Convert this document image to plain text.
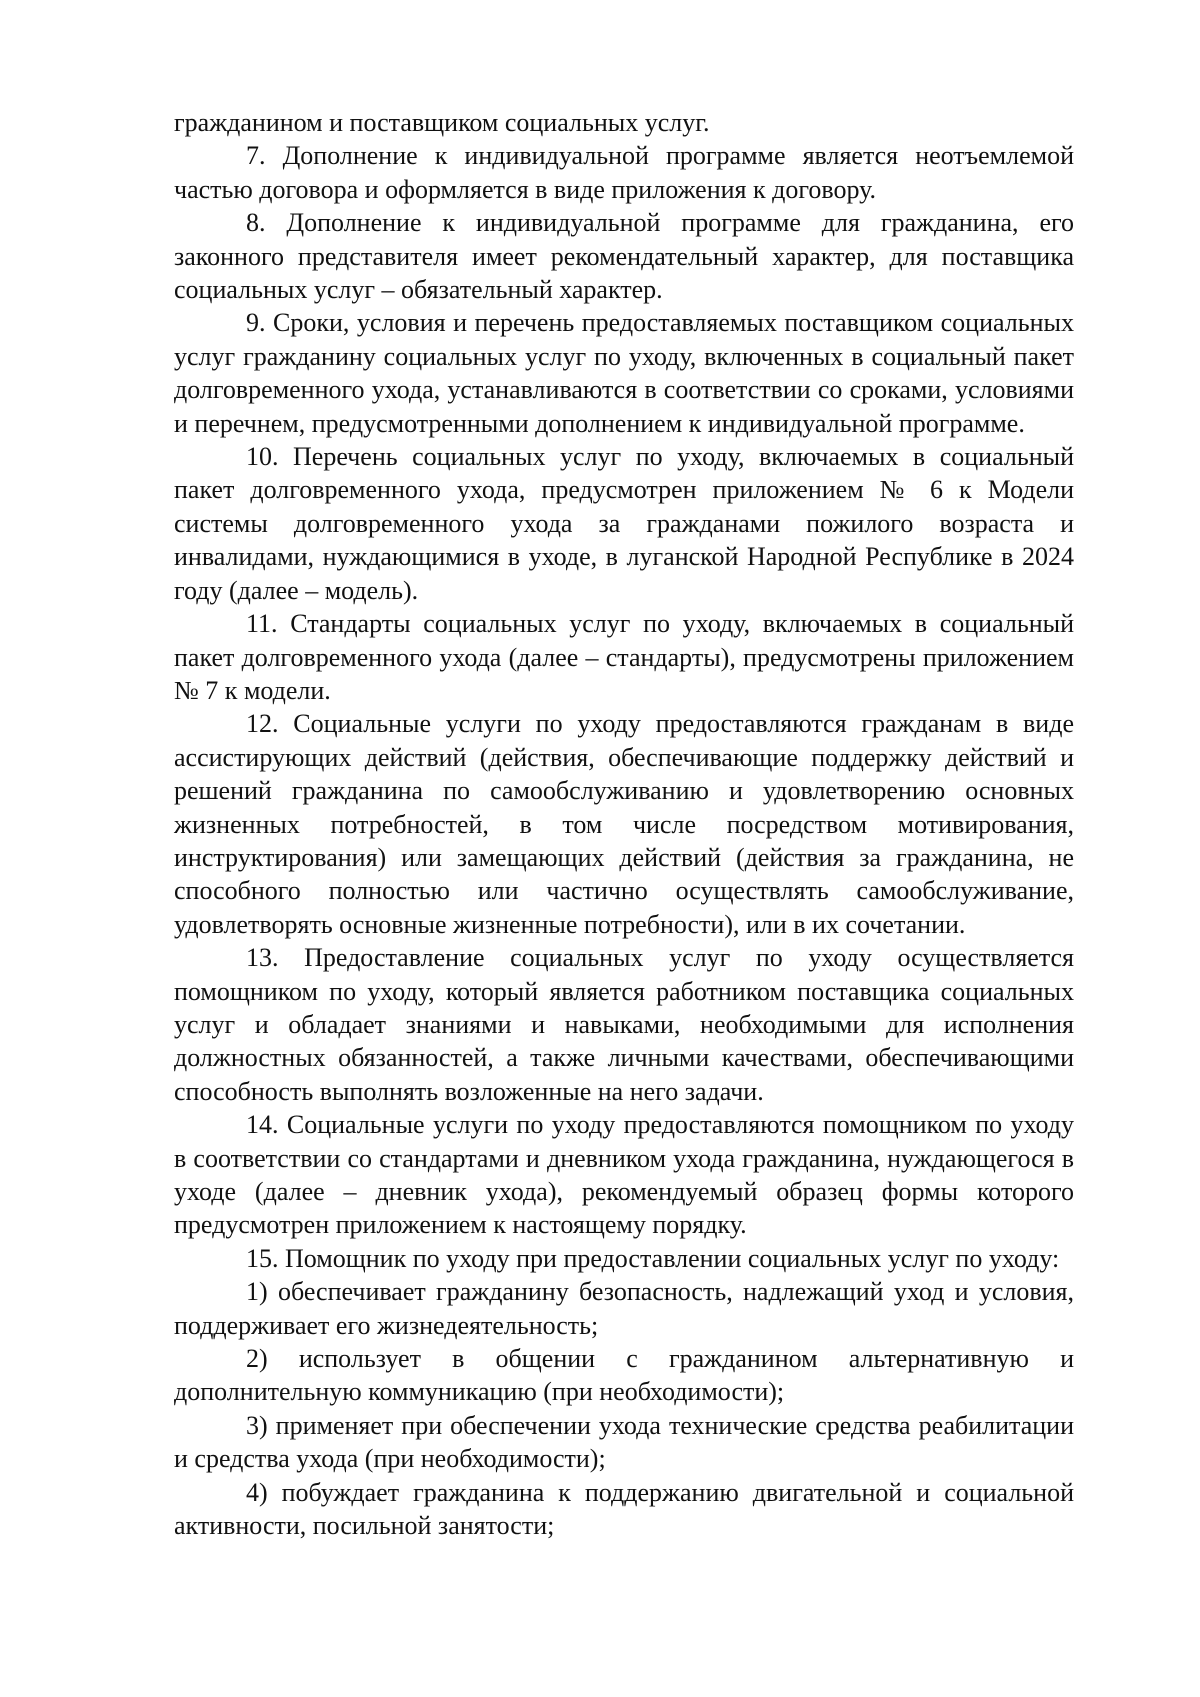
гражданином и поставщиком социальных услуг.

7. Дополнение к индивидуальной программе является неотъемлемой частью договора и оформляется в виде приложения к договору.

8. Дополнение к индивидуальной программе для гражданина, его законного представителя имеет рекомендательный характер, для поставщика социальных услуг – обязательный характер.

9. Сроки, условия и перечень предоставляемых поставщиком социальных услуг гражданину социальных услуг по уходу, включенных в социальный пакет долговременного ухода, устанавливаются в соответствии со сроками, условиями и перечнем, предусмотренными дополнением к индивидуальной программе.

10. Перечень социальных услуг по уходу, включаемых в социальный пакет долговременного ухода, предусмотрен приложением № 6 к Модели системы долговременного ухода за гражданами пожилого возраста и инвалидами, нуждающимися в уходе, в луганской Народной Республике в 2024 году (далее – модель).

11. Стандарты социальных услуг по уходу, включаемых в социальный пакет долговременного ухода (далее – стандарты), предусмотрены приложением № 7 к модели.

12. Социальные услуги по уходу предоставляются гражданам в виде ассистирующих действий (действия, обеспечивающие поддержку действий и решений гражданина по самообслуживанию и удовлетворению основных жизненных потребностей, в том числе посредством мотивирования, инструктирования) или замещающих действий (действия за гражданина, не способного полностью или частично осуществлять самообслуживание, удовлетворять основные жизненные потребности), или в их сочетании.

13. Предоставление социальных услуг по уходу осуществляется помощником по уходу, который является работником поставщика социальных услуг и обладает знаниями и навыками, необходимыми для исполнения должностных обязанностей, а также личными качествами, обеспечивающими способность выполнять возложенные на него задачи.

14. Социальные услуги по уходу предоставляются помощником по уходу в соответствии со стандартами и дневником ухода гражданина, нуждающегося в уходе (далее – дневник ухода), рекомендуемый образец формы которого предусмотрен приложением к настоящему порядку.

15. Помощник по уходу при предоставлении социальных услуг по уходу:

1) обеспечивает гражданину безопасность, надлежащий уход и условия, поддерживает его жизнедеятельность;

2) использует в общении с гражданином альтернативную и дополнительную коммуникацию (при необходимости);

3) применяет при обеспечении ухода технические средства реабилитации и средства ухода (при необходимости);

4) побуждает гражданина к поддержанию двигательной и социальной активности, посильной занятости;
